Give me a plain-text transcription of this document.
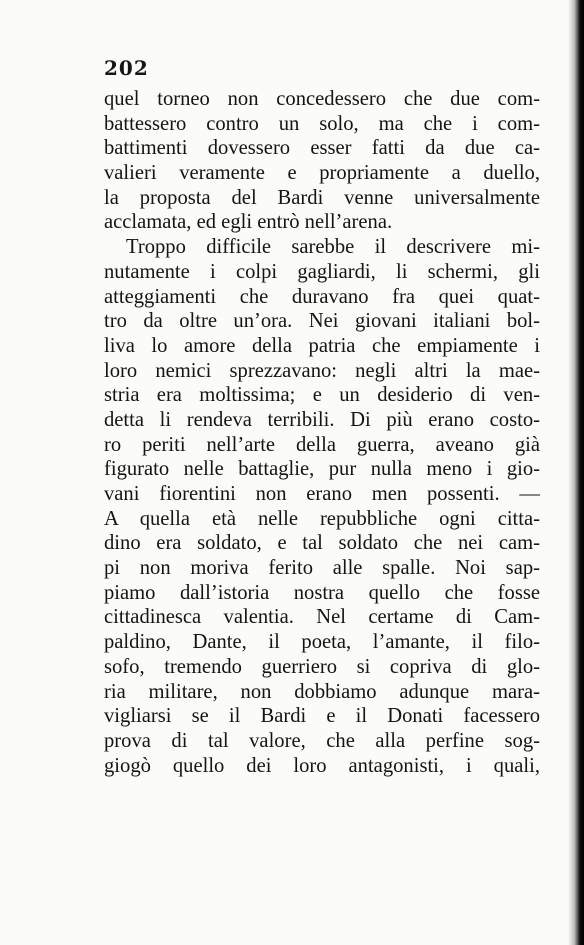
202
quel torneo non concedessero che due com-
battessero contro un solo, ma che i com-
battimenti dovessero esser fatti da due ca-
valieri veramente e propriamente a duello,
la proposta del Bardi venne universalmente
acclamata, ed egli entrò nell’arena.
Troppo difficile sarebbe il descrivere mi-
nutamente i colpi gagliardi, li schermi, gli
atteggiamenti che duravano fra quei quat-
tro da oltre un’ora. Nei giovani italiani bol-
liva lo amore della patria che empiamente i
loro nemici sprezzavano: negli altri la mae-
stria era moltissima; e un desiderio di ven-
detta li rendeva terribili. Di più erano costo-
ro periti nell’arte della guerra, aveano già
figurato nelle battaglie, pur nulla meno i gio-
vani fiorentini non erano men possenti. —
A quella età nelle repubbliche ogni citta-
dino era soldato, e tal soldato che nei cam-
pi non moriva ferito alle spalle. Noi sap-
piamo dall’istoria nostra quello che fosse
cittadinesca valentia. Nel certame di Cam-
paldino, Dante, il poeta, l’amante, il filo-
sofo, tremendo guerriero si copriva di glo-
ria militare, non dobbiamo adunque mara-
vigliarsi se il Bardi e il Donati facessero
prova di tal valore, che alla perfine sog-
giogò quello dei loro antagonisti, i quali,
